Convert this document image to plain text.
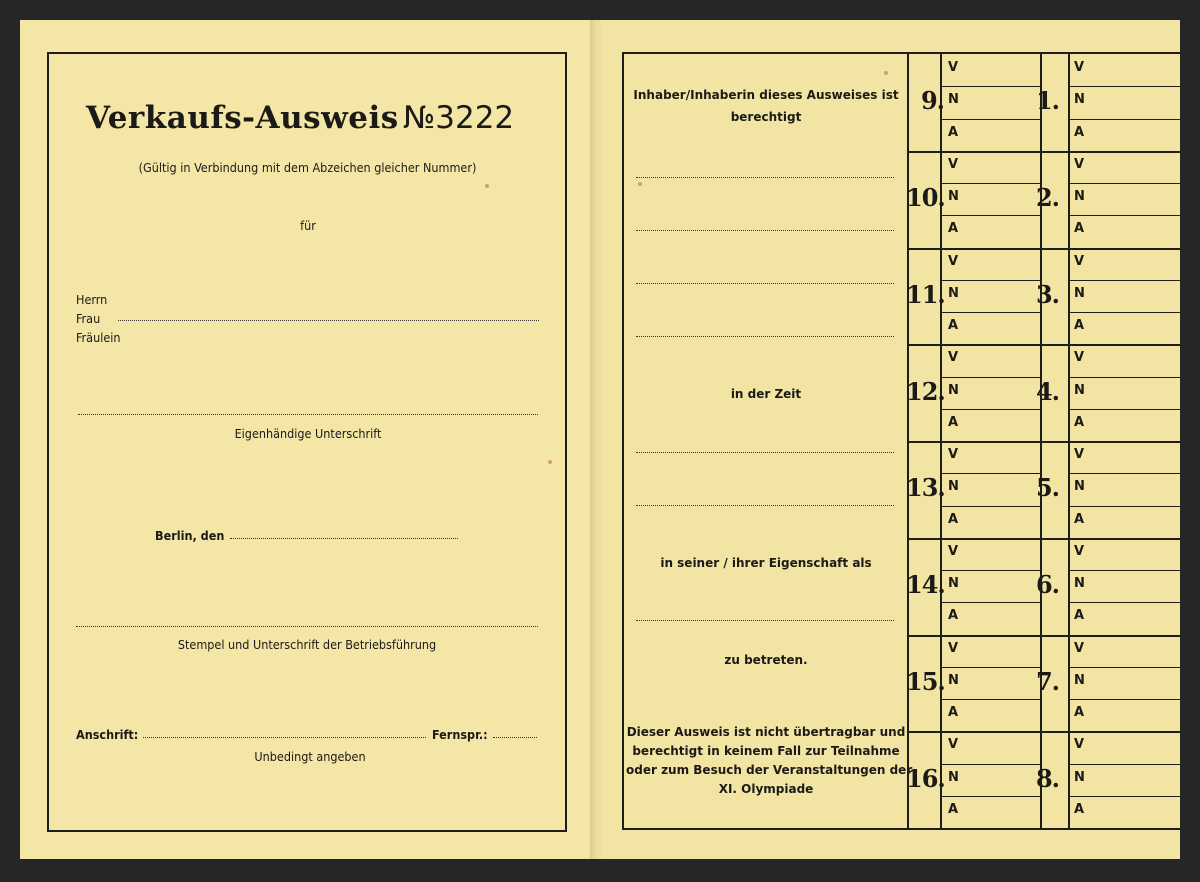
Verkaufs-Ausweis №3222
(Gültig in Verbindung mit dem Abzeichen gleicher Nummer)
für
Herrn
Frau
Fräulein
Eigenhändige Unterschrift
Berlin, den
Stempel und Unterschrift der Betriebsführung
Anschrift:	Fernspr.:
Unbedingt angeben
Inhaber/Inhaberin dieses Ausweises ist
berechtigt
in der Zeit
in seiner / ihrer Eigenschaft als
zu betreten.
Dieser Ausweis ist nicht übertragbar und
berechtigt in keinem Fall zur Teilnahme
oder zum Besuch der Veranstaltungen der
XI. Olympiade
9.	1.
V	V
N	N
A	A
10.	2.
V	V
N	N
A	A
11.	3.
V	V
N	N
A	A
12.	4.
V	V
N	N
A	A
13.	5.
V	V
N	N
A	A
14.	6.
V	V
N	N
A	A
15.	7.
V	V
N	N
A	A
16.	8.
V	V
N	N
A	A
